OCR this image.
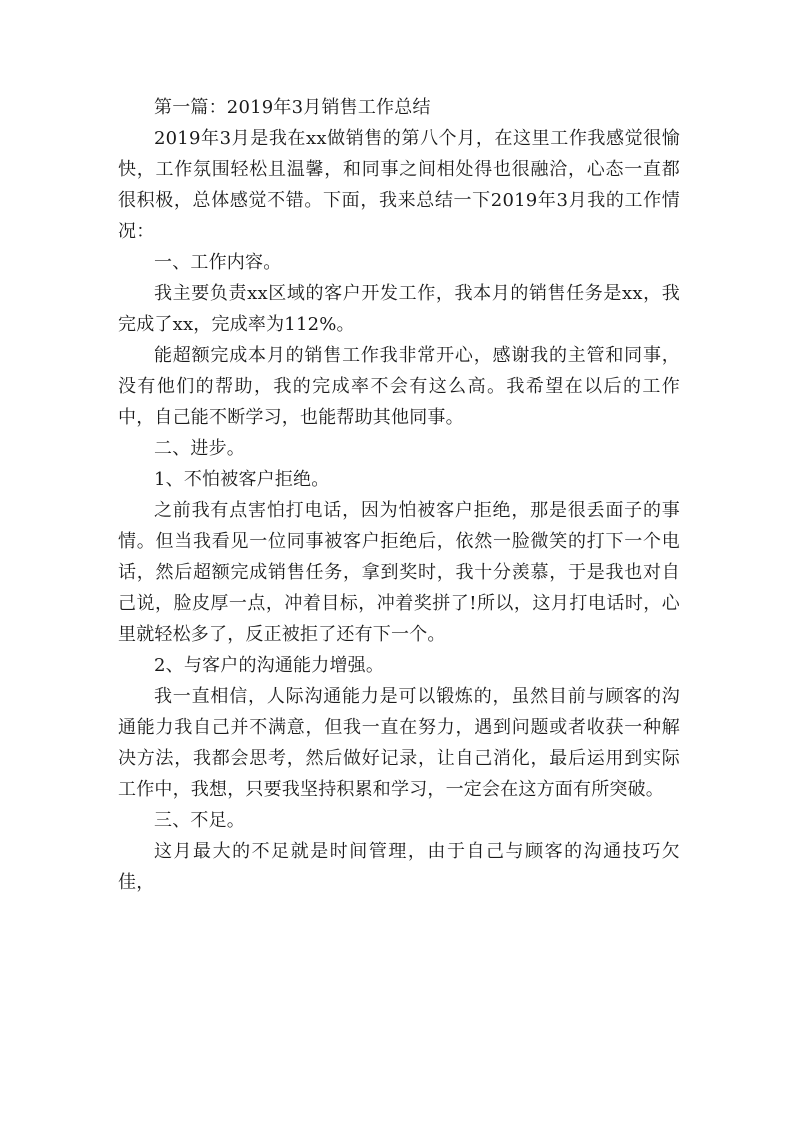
第一篇：2019年3月销售工作总结

2019年3月是我在xx做销售的第八个月，在这里工作我感觉很愉快，工作氛围轻松且温馨，和同事之间相处得也很融洽，心态一直都很积极，总体感觉不错。下面，我来总结一下2019年3月我的工作情况：

一、工作内容。

我主要负责xx区域的客户开发工作，我本月的销售任务是xx，我完成了xx，完成率为112%。

能超额完成本月的销售工作我非常开心，感谢我的主管和同事，没有他们的帮助，我的完成率不会有这么高。我希望在以后的工作中，自己能不断学习，也能帮助其他同事。

二、进步。

1、不怕被客户拒绝。

之前我有点害怕打电话，因为怕被客户拒绝，那是很丢面子的事情。但当我看见一位同事被客户拒绝后，依然一脸微笑的打下一个电话，然后超额完成销售任务，拿到奖时，我十分羡慕，于是我也对自己说，脸皮厚一点，冲着目标，冲着奖拼了!所以，这月打电话时，心里就轻松多了，反正被拒了还有下一个。

2、与客户的沟通能力增强。

我一直相信，人际沟通能力是可以锻炼的，虽然目前与顾客的沟通能力我自己并不满意，但我一直在努力，遇到问题或者收获一种解决方法，我都会思考，然后做好记录，让自己消化，最后运用到实际工作中，我想，只要我坚持积累和学习，一定会在这方面有所突破。

三、不足。

这月最大的不足就是时间管理，由于自己与顾客的沟通技巧欠佳，
